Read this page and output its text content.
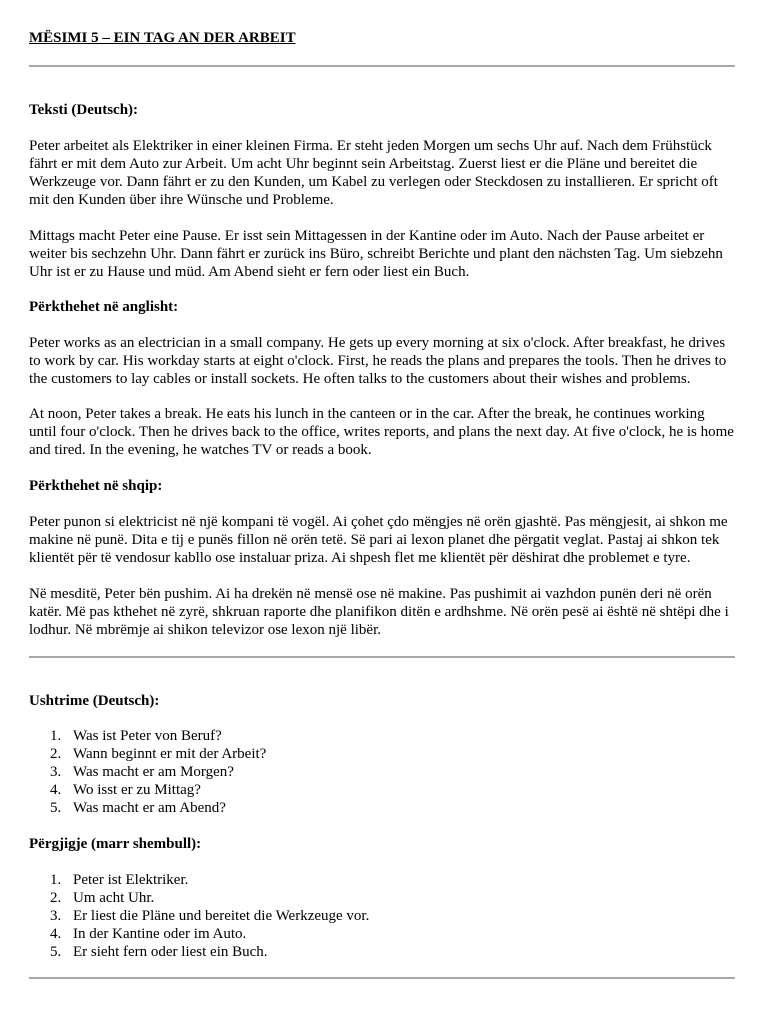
MËSIMI 5 – EIN TAG AN DER ARBEIT
Teksti (Deutsch):

Peter arbeitet als Elektriker in einer kleinen Firma. Er steht jeden Morgen um sechs Uhr auf. Nach dem Frühstück fährt er mit dem Auto zur Arbeit. Um acht Uhr beginnt sein Arbeitstag. Zuerst liest er die Pläne und bereitet die Werkzeuge vor. Dann fährt er zu den Kunden, um Kabel zu verlegen oder Steckdosen zu installieren. Er spricht oft mit den Kunden über ihre Wünsche und Probleme.

Mittags macht Peter eine Pause. Er isst sein Mittagessen in der Kantine oder im Auto. Nach der Pause arbeitet er weiter bis sechzehn Uhr. Dann fährt er zurück ins Büro, schreibt Berichte und plant den nächsten Tag. Um siebzehn Uhr ist er zu Hause und müd. Am Abend sieht er fern oder liest ein Buch.

Përkthehet në anglisht:

Peter works as an electrician in a small company. He gets up every morning at six o'clock. After breakfast, he drives to work by car. His workday starts at eight o'clock. First, he reads the plans and prepares the tools. Then he drives to the customers to lay cables or install sockets. He often talks to the customers about their wishes and problems.

At noon, Peter takes a break. He eats his lunch in the canteen or in the car. After the break, he continues working until four o'clock. Then he drives back to the office, writes reports, and plans the next day. At five o'clock, he is home and tired. In the evening, he watches TV or reads a book.

Përkthehet në shqip:

Peter punon si elektricist në një kompani të vogël. Ai çohet çdo mëngjes në orën gjashtë. Pas mëngjesit, ai shkon me makine në punë. Dita e tij e punës fillon në orën tetë. Së pari ai lexon planet dhe përgatit veglat. Pastaj ai shkon tek klientët për të vendosur kabllo ose instaluar priza. Ai shpesh flet me klientët për dëshirat dhe problemet e tyre.

Në mesditë, Peter bën pushim. Ai ha drekën në mensë ose në makine. Pas pushimit ai vazhdon punën deri në orën katër. Më pas kthehet në zyrë, shkruan raporte dhe planifikon ditën e ardhshme. Në orën pesë ai është në shtëpi dhe i lodhur. Në mbrëmje ai shikon televizor ose lexon një libër.

Ushtrime (Deutsch):
1. Was ist Peter von Beruf?
2. Wann beginnt er mit der Arbeit?
3. Was macht er am Morgen?
4. Wo isst er zu Mittag?
5. Was macht er am Abend?
Përgjigje (marr shembull):
1. Peter ist Elektriker.
2. Um acht Uhr.
3. Er liest die Pläne und bereitet die Werkzeuge vor.
4. In der Kantine oder im Auto.
5. Er sieht fern oder liest ein Buch.
